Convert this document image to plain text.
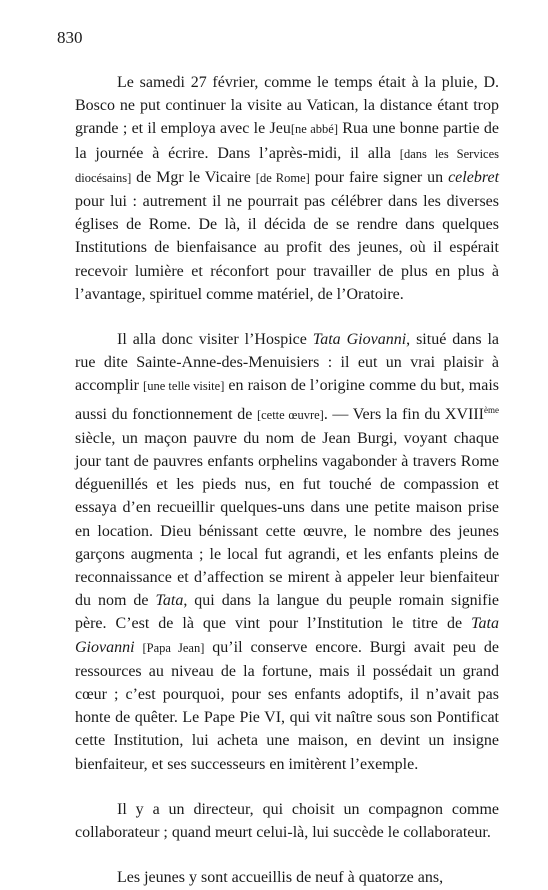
830

Le samedi 27 février, comme le temps était à la pluie, D. Bosco ne put continuer la visite au Vatican, la distance étant trop grande ; et il employa avec le Jeu[ne abbé] Rua une bonne partie de la journée à écrire. Dans l’après-midi, il alla [dans les Services diocésains] de Mgr le Vicaire [de Rome] pour faire signer un celebret pour lui : autrement il ne pourrait pas célébrer dans les diverses églises de Rome. De là, il décida de se rendre dans quelques Institutions de bienfaisance au profit des jeunes, où il espérait recevoir lumière et réconfort pour travailler de plus en plus à l’avantage, spirituel comme matériel, de l’Oratoire.

Il alla donc visiter l’Hospice Tata Giovanni, situé dans la rue dite Sainte-Anne-des-Menuisiers : il eut un vrai plaisir à accomplir [une telle visite] en raison de l’origine comme du but, mais aussi du fonctionnement de [cette œuvre]. — Vers la fin du XVIIIème siècle, un maçon pauvre du nom de Jean Burgi, voyant chaque jour tant de pauvres enfants orphelins vagabonder à travers Rome déguenillés et les pieds nus, en fut touché de compassion et essaya d’en recueillir quelques-uns dans une petite maison prise en location. Dieu bénissant cette œuvre, le nombre des jeunes garçons augmenta ; le local fut agrandi, et les enfants pleins de reconnaissance et d’affection se mirent à appeler leur bienfaiteur du nom de Tata, qui dans la langue du peuple romain signifie père. C’est de là que vint pour l’Institution le titre de Tata Giovanni [Papa Jean] qu’il conserve encore. Burgi avait peu de ressources au niveau de la fortune, mais il possédait un grand cœur ; c’est pourquoi, pour ses enfants adoptifs, il n’avait pas honte de quêter. Le Pape Pie VI, qui vit naître sous son Pontificat cette Institution, lui acheta une maison, en devint un insigne bienfaiteur, et ses successeurs en imitèrent l’exemple.

Il y a un directeur, qui choisit un compagnon comme collaborateur ; quand meurt celui-là, lui succède le collaborateur.

Les jeunes y sont accueillis de neuf à quatorze ans,
